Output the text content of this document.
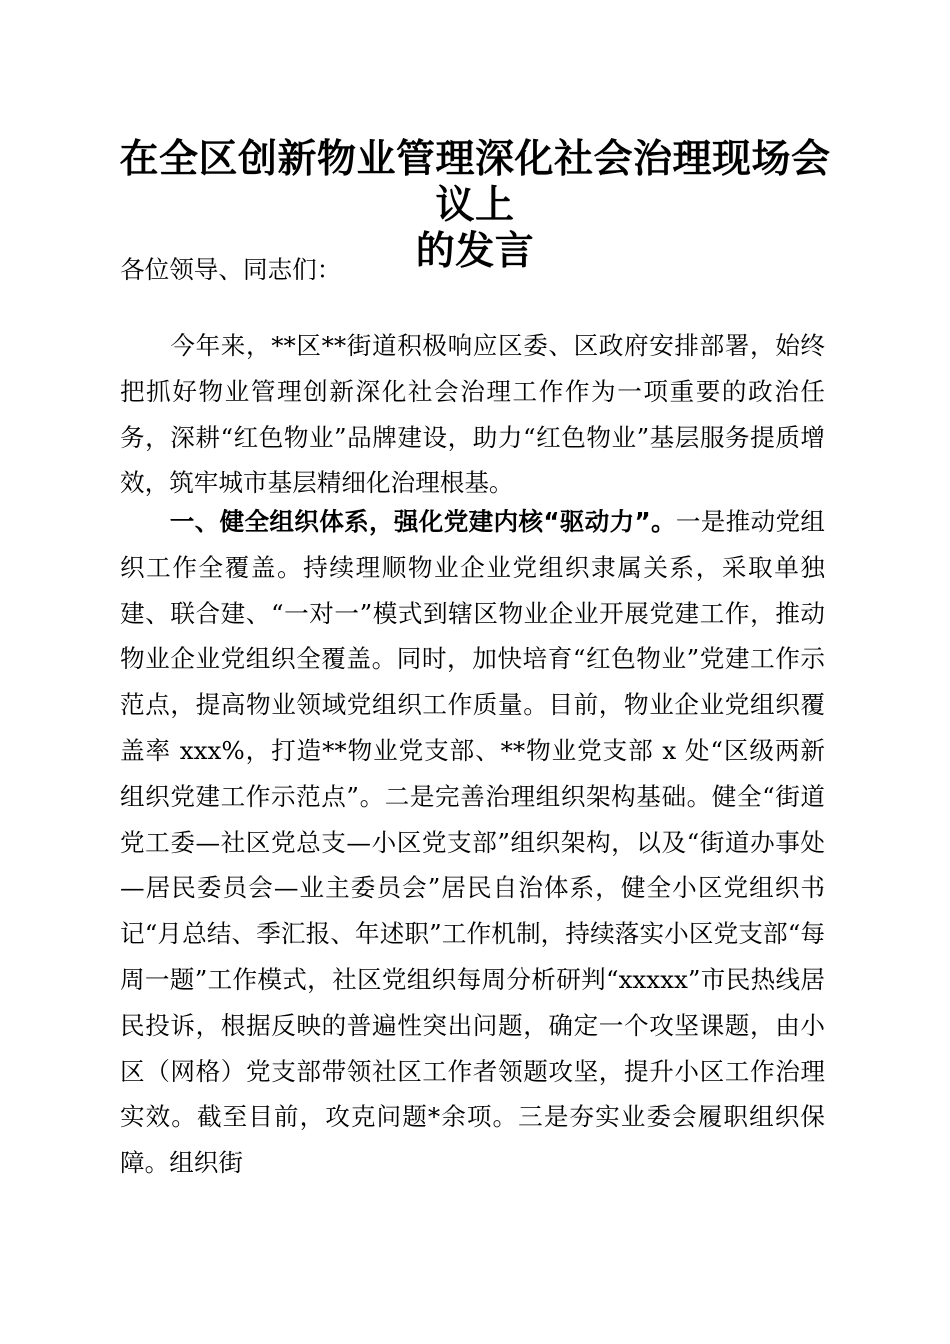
在全区创新物业管理深化社会治理现场会议上
的发言
各位领导、同志们：
　　今年来，**区**街道积极响应区委、区政府安排部署，始终把抓好物业管理创新深化社会治理工作作为一项重要的政治任务，深耕“红色物业”品牌建设，助力“红色物业”基层服务提质增效，筑牢城市基层精细化治理根基。
　　一、健全组织体系，强化党建内核“驱动力”。一是推动党组织工作全覆盖。持续理顺物业企业党组织隶属关系，采取单独建、联合建、“一对一”模式到辖区物业企业开展党建工作，推动物业企业党组织全覆盖。同时，加快培育“红色物业”党建工作示范点，提高物业领域党组织工作质量。目前，物业企业党组织覆盖率 xxx%，打造**物业党支部、**物业党支部 x 处“区级两新组织党建工作示范点”。二是完善治理组织架构基础。健全“街道党工委—社区党总支—小区党支部”组织架构，以及“街道办事处—居民委员会—业主委员会”居民自治体系，健全小区党组织书记“月总结、季汇报、年述职”工作机制，持续落实小区党支部“每周一题”工作模式，社区党组织每周分析研判“xxxxx”市民热线居民投诉，根据反映的普遍性突出问题，确定一个攻坚课题，由小区（网格）党支部带领社区工作者领题攻坚，提升小区工作治理实效。截至目前，攻克问题*余项。三是夯实业委会履职组织保障。组织街
